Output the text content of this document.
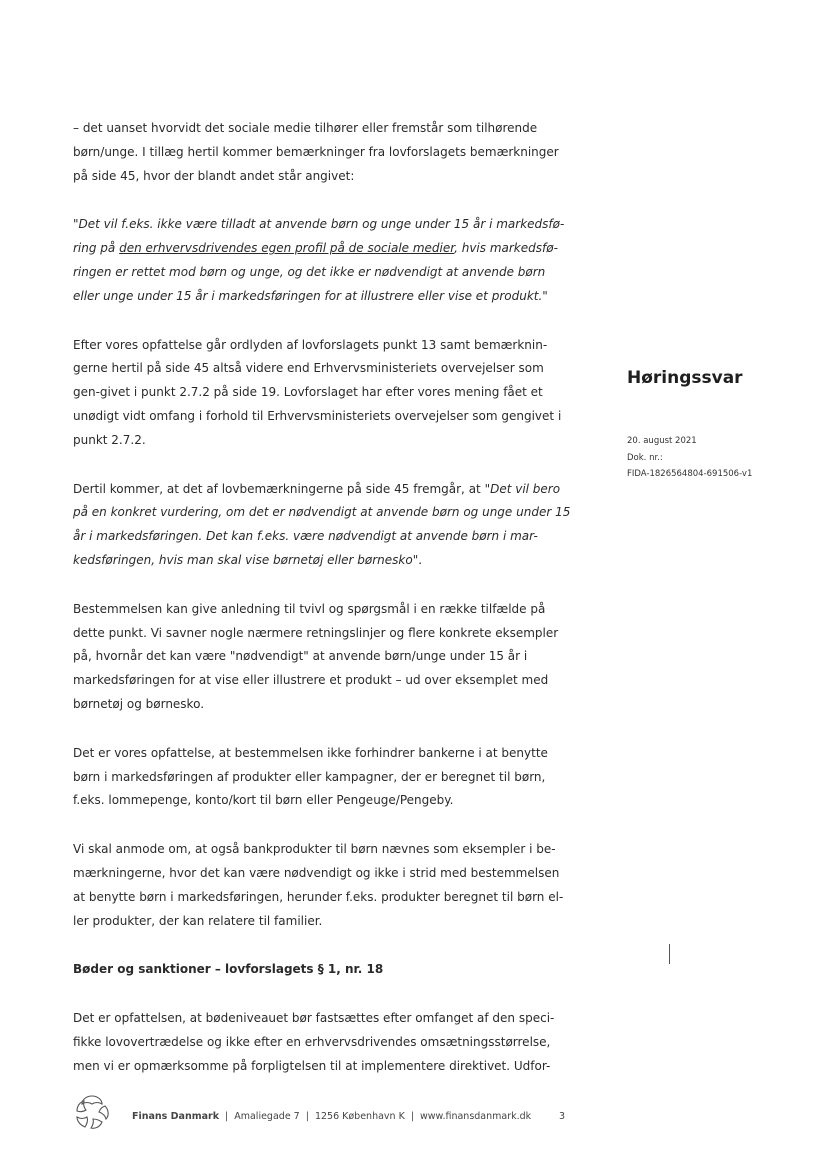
– det uanset hvorvidt det sociale medie tilhører eller fremstår som tilhørende børn/unge. I tillæg hertil kommer bemærkninger fra lovforslagets bemærkninger på side 45, hvor der blandt andet står angivet:

"Det vil f.eks. ikke være tilladt at anvende børn og unge under 15 år i markedsfø-ring på den erhvervsdrivendes egen profil på de sociale medier, hvis markedsfø-ringen er rettet mod børn og unge, og det ikke er nødvendigt at anvende børn eller unge under 15 år i markedsføringen for at illustrere eller vise et produkt."

Efter vores opfattelse går ordlyden af lovforslagets punkt 13 samt bemærknin-gerne hertil på side 45 altså videre end Erhvervsministeriets overvejelser som gen-givet i punkt 2.7.2 på side 19. Lovforslaget har efter vores mening fået et unødigt vidt omfang i forhold til Erhvervsministeriets overvejelser som gengivet i punkt 2.7.2.

Dertil kommer, at det af lovbemærkningerne på side 45 fremgår, at "Det vil bero på en konkret vurdering, om det er nødvendigt at anvende børn og unge under 15 år i markedsføringen. Det kan f.eks. være nødvendigt at anvende børn i mar-kedsføringen, hvis man skal vise børnetøj eller børnesko".

Bestemmelsen kan give anledning til tvivl og spørgsmål i en række tilfælde på dette punkt. Vi savner nogle nærmere retningslinjer og flere konkrete eksempler på, hvornår det kan være "nødvendigt" at anvende børn/unge under 15 år i markedsføringen for at vise eller illustrere et produkt – ud over eksemplet med børnetøj og børnesko.

Det er vores opfattelse, at bestemmelsen ikke forhindrer bankerne i at benytte børn i markedsføringen af produkter eller kampagner, der er beregnet til børn, f.eks. lommepenge, konto/kort til børn eller Pengeuge/Pengeby.

Vi skal anmode om, at også bankprodukter til børn nævnes som eksempler i be-mærkningerne, hvor det kan være nødvendigt og ikke i strid med bestemmelsen at benytte børn i markedsføringen, herunder f.eks. produkter beregnet til børn el-ler produkter, der kan relatere til familier.

Bøder og sanktioner – lovforslagets § 1, nr. 18

Det er opfattelsen, at bødeniveauet bør fastsættes efter omfanget af den speci-fikke lovovertrædelse og ikke efter en erhvervsdrivendes omsætningsstørrelse, men vi er opmærksomme på forpligtelsen til at implementere direktivet. Udfor-

Høringssvar

20. august 2021
Dok. nr.:
FIDA-1826564804-691506-v1
Finans Danmark | Amaliegade 7 | 1256 København K | www.finansdanmark.dk	3
